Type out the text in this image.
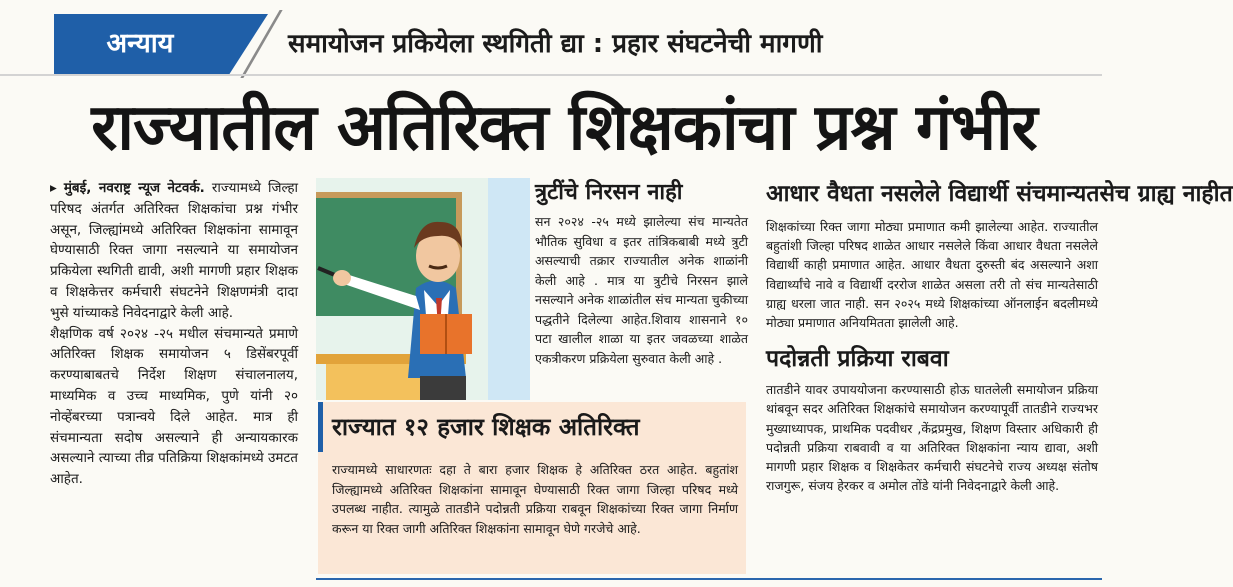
अन्याय	समायोजन प्रकियेला स्थगिती द्या : प्रहार संघटनेची मागणी
राज्यातील अतिरिक्त शिक्षकांचा प्रश्न गंभीर

▸ मुंबई, नवराष्ट्र न्यूज नेटवर्क. राज्यामध्ये जिल्हा परिषद अंतर्गत अतिरिक्त शिक्षकांचा प्रश्न गंभीर असून, जिल्ह्यांमध्ये अतिरिक्त शिक्षकांना सामावून घेण्यासाठी रिक्त जागा नसल्याने या समायोजन प्रकियेला स्थगिती द्यावी, अशी मागणी प्रहार शिक्षक व शिक्षकेत्तर कर्मचारी संघटनेने शिक्षणमंत्री दादा भुसे यांच्याकडे निवेदनाद्वारे केली आहे.

शैक्षणिक वर्ष २०२४ -२५ मधील संचमान्यते प्रमाणे अतिरिक्त शिक्षक समायोजन ५ डिसेंबरपूर्वी करण्याबाबतचे निर्देश शिक्षण संचालनालय, माध्यमिक व उच्च माध्यमिक, पुणे यांनी २० नोव्हेंबरच्या पत्रान्वये दिले आहेत. मात्र ही संचमान्यता सदोष असल्याने ही अन्यायकारक असल्याने त्याच्या तीव्र पतिक्रिया शिक्षकांमध्ये उमटत आहेत.

त्रुटींचे निरसन नाही

सन २०२४ -२५ मध्ये झालेल्या संच मान्यतेत भौतिक सुविधा व इतर तांत्रिकबाबी मध्ये त्रुटी असल्याची तक्रार राज्यातील अनेक शाळांनी केली आहे . मात्र या त्रुटीचे निरसन झाले नसल्याने अनेक शाळांतील संच मान्यता चुकीच्या पद्धतीने दिलेल्या आहेत.शिवाय शासनाने १० पटा खालील शाळा या इतर जवळच्या शाळेत एकत्रीकरण प्रक्रियेला सुरुवात केली आहे .

आधार वैधता नसलेले विद्यार्थी संचमान्यतसेच ग्राह्य नाहीत

शिक्षकांच्या रिक्त जागा मोठ्या प्रमाणात कमी झालेल्या आहेत. राज्यातील बहुतांशी जिल्हा परिषद शाळेत आधार नसलेले किंवा आधार वैधता नसलेले विद्यार्थी काही प्रमाणात आहेत. आधार वैधता दुरुस्ती बंद असल्याने अशा विद्यार्थ्यांचे नावे व विद्यार्थी दररोज शाळेत असला तरी तो संच मान्यतेसाठी ग्राह्य धरला जात नाही. सन २०२५ मध्ये शिक्षकांच्या ऑनलाईन बदलीमध्ये मोठ्या प्रमाणात अनियमितता झालेली आहे.

पदोन्नती प्रक्रिया राबवा

तातडीने यावर उपाययोजना करण्यासाठी होऊ घातलेली समायोजन प्रक्रिया थांबवून सदर अतिरिक्त शिक्षकांचे समायोजन करण्यापूर्वी तातडीने राज्यभर मुख्याध्यापक, प्राथमिक पदवीधर ,केंद्रप्रमुख, शिक्षण विस्तार अधिकारी ही पदोन्नती प्रक्रिया राबवावी व या अतिरिक्त शिक्षकांना न्याय द्यावा, अशी मागणी प्रहार शिक्षक व शिक्षकेतर कर्मचारी संघटनेचे राज्य अध्यक्ष संतोष राजगुरू, संजय हेरकर व अमोल तोंडे यांनी निवेदनाद्वारे केली आहे.

राज्यात १२ हजार शिक्षक अतिरिक्त

राज्यामध्ये साधारणतः दहा ते बारा हजार शिक्षक हे अतिरिक्त ठरत आहेत. बहुतांश जिल्ह्यामध्ये अतिरिक्त शिक्षकांना सामावून घेण्यासाठी रिक्त जागा जिल्हा परिषद मध्ये उपलब्ध नाहीत. त्यामुळे तातडीने पदोन्नती प्रक्रिया राबवून शिक्षकांच्या रिक्त जागा निर्माण करून या रिक्त जागी अतिरिक्त शिक्षकांना सामावून घेणे गरजेचे आहे.
